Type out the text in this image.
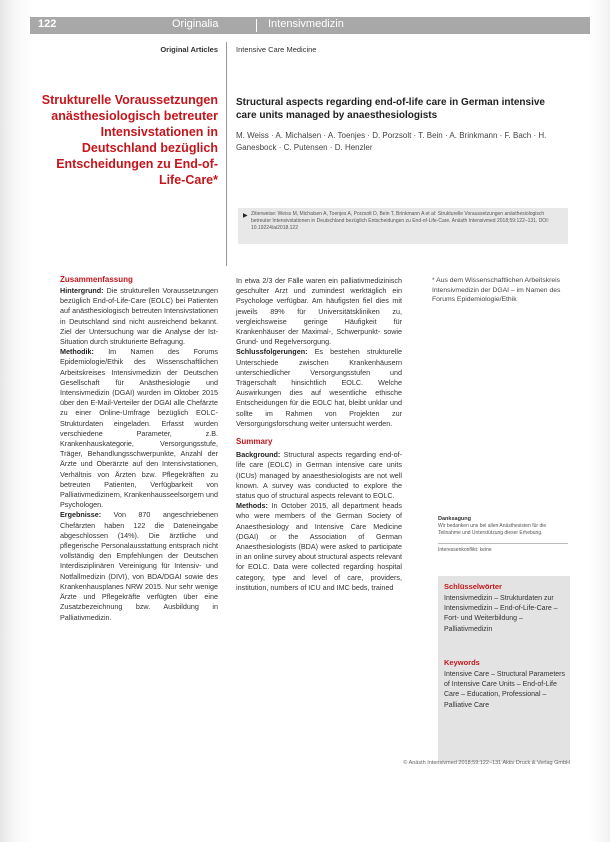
122	Originalia	Intensivmedizin
Original Articles Intensive Care Medicine
Strukturelle Voraussetzungen anästhesiologisch betreuter Intensivstationen in Deutschland bezüglich Entscheidungen zu End-of-Life-Care*
Structural aspects regarding end-of-life care in German intensive care units managed by anaesthesiologists
M. Weiss · A. Michalsen · A. Toenjes · D. Porzsolt · T. Bein · A. Brinkmann · F. Bach · H. Ganesbock · C. Putensen · D. Henzler
▶ Zitierweise: Weiss M, Michalsen A, Toenjes A, Porzsolt D, Bein T, Brinkmann A et al: Strukturelle Voraussetzungen anästhesiologisch betreuter Intensivstationen in Deutschland bezüglich Entscheidungen zu End-of-Life-Care. Anästh Intensivmed 2018;59:122–131. DOI: 10.19224/ai2018.122
Zusammenfassung

Hintergrund: Die strukturellen Voraussetzungen bezüglich End-of-Life-Care (EOLC) bei Patienten auf anästhesiologisch betreuten Intensivstationen in Deutschland sind nicht ausreichend bekannt. Ziel der Untersuchung war die Analyse der Ist-Situation durch strukturierte Befragung.

Methodik: Im Namen des Forums Epidemiologie/Ethik des Wissenschaftlichen Arbeitskreises Intensivmedizin der Deutschen Gesellschaft für Anästhesiologie und Intensivmedizin (DGAI) wurden im Oktober 2015 über den E-Mail-Verteiler der DGAI alle Chefärzte zu einer Online-Umfrage bezüglich EOLC-Strukturdaten eingeladen. Erfasst wurden verschiedene Parameter, z.B. Krankenhauskategorie, Versorgungsstufe, Träger, Behandlungsschwerpunkte, Anzahl der Ärzte und Oberärzte auf den Intensivstationen, Verhältnis von Ärzten bzw. Pflegekräften zu betreuten Patienten, Verfügbarkeit von Palliativmedizinern, Krankenhausseelsorgern und Psychologen.

Ergebnisse: Von 870 angeschriebenen Chefärzten haben 122 die Dateneingabe abgeschlossen (14%). Die ärztliche und pflegerische Personalausstattung entsprach nicht vollständig den Empfehlungen der Deutschen Interdisziplinären Vereinigung für Intensiv- und Notfallmedizin (DIVI), von BDA/DGAI sowie des Krankenhausplanes NRW 2015. Nur sehr wenige Ärzte und Pflegekräfte verfügten über eine Zusatzbezeichnung bzw. Ausbildung in Palliativmedizin.

In etwa 2/3 der Fälle waren ein palliativmedizinisch geschulter Arzt und zumindest werktäglich ein Psychologe verfügbar. Am häufigsten fiel dies mit jeweils 89% für Universitätskliniken zu, vergleichsweise geringe Häufigkeit für Krankenhäuser der Maximal-, Schwerpunkt- sowie Grund- und Regelversorgung.

Schlussfolgerungen: Es bestehen strukturelle Unterschiede zwischen Krankenhäusern unterschiedlicher Versorgungsstufen und Trägerschaft hinsichtlich EOLC. Welche Auswirkungen dies auf wesentliche ethische Entscheidungen für die EOLC hat, bleibt unklar und sollte im Rahmen von Projekten zur Versorgungsforschung weiter untersucht werden.

Summary

Background: Structural aspects regarding end-of-life care (EOLC) in German intensive care units (ICUs) managed by anaesthesiologists are not well known. A survey was conducted to explore the status quo of structural aspects relevant to EOLC.

Methods: In October 2015, all department heads who were members of the German Society of Anaesthesiology and Intensive Care Medicine (DGAI) or the Association of German Anaesthesiologists (BDA) were asked to participate in an online survey about structural aspects relevant for EOLC. Data were collected regarding hospital category, type and level of care, providers, institution, numbers of ICU and IMC beds, trained

* Aus dem Wissenschaftlichen Arbeitskreis Intensivmedizin der DGAI – im Namen des Forums Epidemiologie/Ethik
Danksagung
Wir bedanken uns bei allen Anästhesisten für die Teilnahme und Unterstützung dieser Erhebung.
Interessenkonflikt: keine
Schlüsselwörter
Intensivmedizin – Strukturdaten zur Intensivmedizin – End-of-Life-Care – Fort- und Weiterbildung – Palliativmedizin
Keywords
Intensive Care – Structural Parameters of Intensive Care Units – End-of-Life Care – Education, Professional – Palliative Care
© Anästh Intensivmed 2018;59:122–131 Aktiv Druck & Verlag GmbH
